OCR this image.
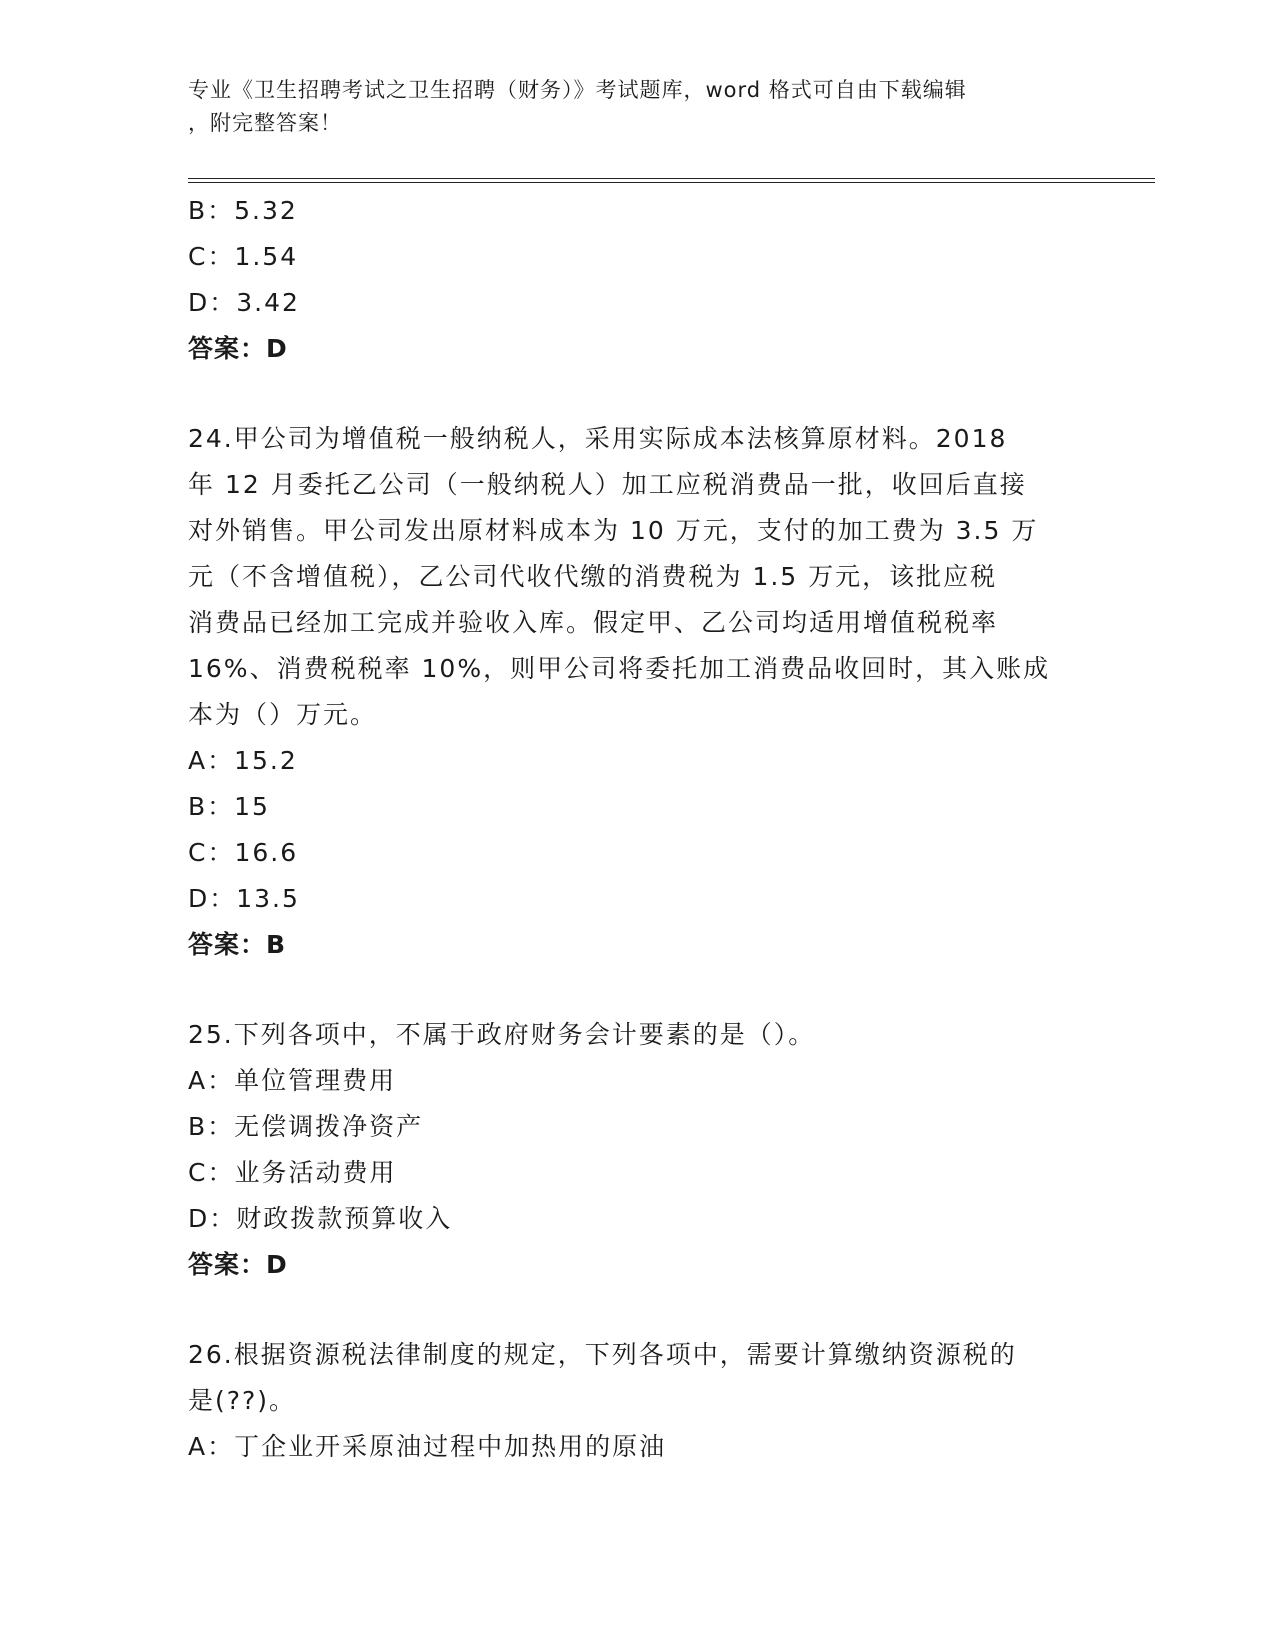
专业《卫生招聘考试之卫生招聘（财务）》考试题库，word 格式可自由下载编辑
，附完整答案！
B：5.32
C：1.54
D：3.42
答案：D
24.甲公司为增值税一般纳税人，采用实际成本法核算原材料。2018
年 12 月委托乙公司（一般纳税人）加工应税消费品一批，收回后直接
对外销售。甲公司发出原材料成本为 10 万元，支付的加工费为 3.5 万
元（不含增值税），乙公司代收代缴的消费税为 1.5 万元，该批应税
消费品已经加工完成并验收入库。假定甲、乙公司均适用增值税税率
16%、消费税税率 10%，则甲公司将委托加工消费品收回时，其入账成
本为（）万元。
A：15.2
B：15
C：16.6
D：13.5
答案：B
25.下列各项中，不属于政府财务会计要素的是（）。
A：单位管理费用
B：无偿调拨净资产
C：业务活动费用
D：财政拨款预算收入
答案：D
26.根据资源税法律制度的规定，下列各项中，需要计算缴纳资源税的
是(??)。
A：丁企业开采原油过程中加热用的原油
